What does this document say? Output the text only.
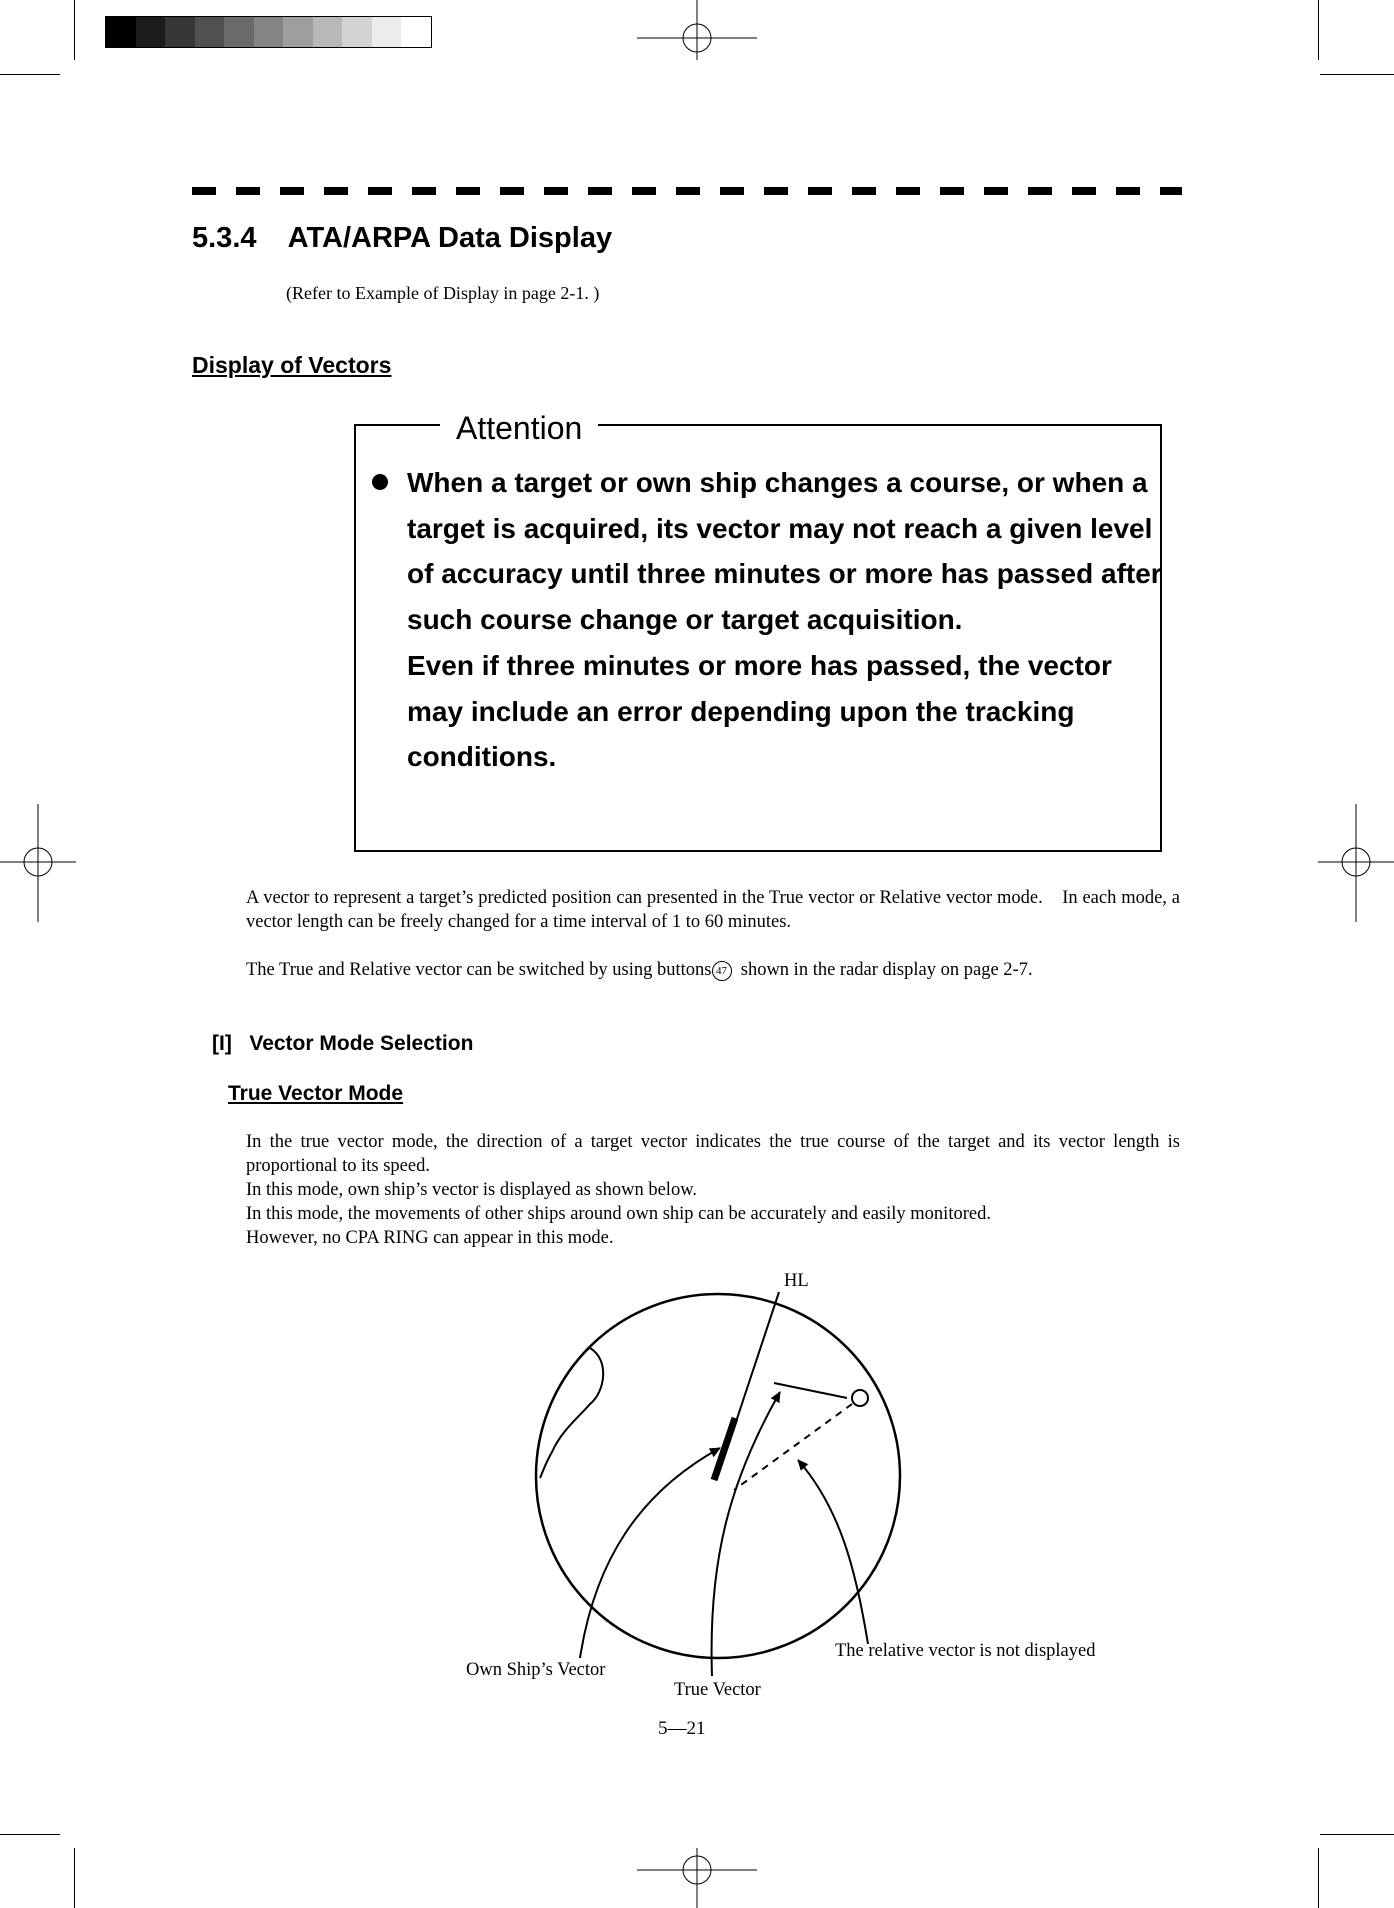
5.3.4 ATA/ARPA Data Display
(Refer to Example of Display in page 2-1. )
Display of Vectors
Attention

When a target or own ship changes a course, or when a target is acquired, its vector may not reach a given level of accuracy until three minutes or more has passed after such course change or target acquisition.

Even if three minutes or more has passed, the vector may include an error depending upon the tracking conditions.

A vector to represent a target’s predicted position can presented in the True vector or Relative vector mode.    In each mode, a vector length can be freely changed for a time interval of 1 to 60 minutes.
The True and Relative vector can be switched by using buttons 47  shown in the radar display on page 2-7.
[I] Vector Mode Selection
True Vector Mode

In the true vector mode, the direction of a target vector indicates the true course of the target and its vector length is proportional to its speed.

In this mode, own ship’s vector is displayed as shown below.

In this mode, the movements of other ships around own ship can be accurately and easily monitored.

However, no CPA RING can appear in this mode.

HL
Own Ship’s Vector
True Vector
The relative vector is not displayed
5—21
